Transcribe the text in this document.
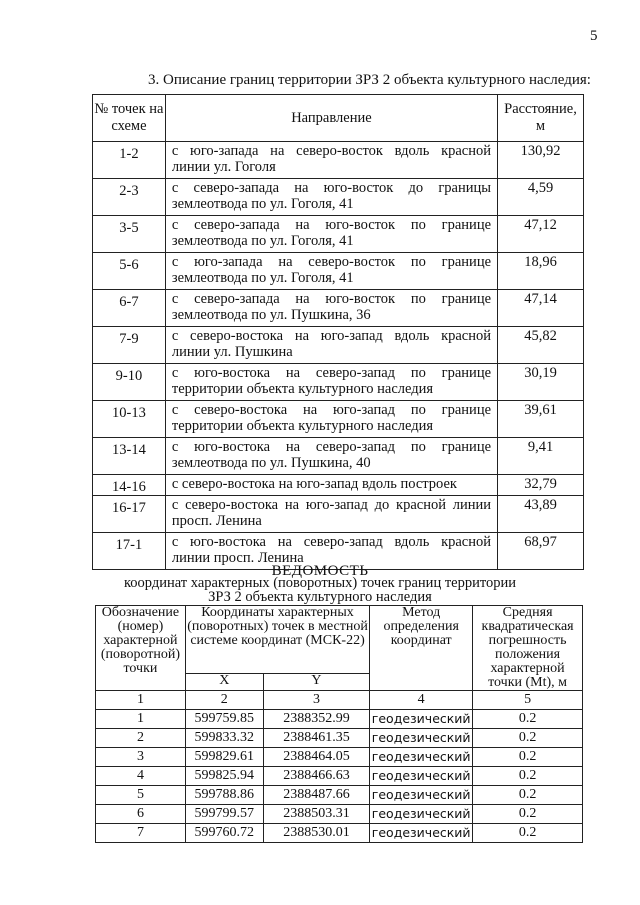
5
3. Описание границ территории ЗРЗ 2 объекта культурного наследия:
№ точек на схеме	Направление	Расстояние, м
1-2	с юго-запада на северо-восток вдоль красной линии ул. Гоголя	130,92
2-3	с северо-запада на юго-восток до границы землеотвода по ул. Гоголя, 41	4,59
3-5	с северо-запада на юго-восток по границе землеотвода по ул. Гоголя, 41	47,12
5-6	с юго-запада на северо-восток по границе землеотвода по ул. Гоголя, 41	18,96
6-7	с северо-запада на юго-восток по границе землеотвода по ул. Пушкина, 36	47,14
7-9	с северо-востока на юго-запад вдоль красной линии ул. Пушкина	45,82
9-10	с юго-востока на северо-запад по границе территории объекта культурного наследия	30,19
10-13	с северо-востока на юго-запад по границе территории объекта культурного наследия	39,61
13-14	с юго-востока на северо-запад по границе землеотвода по ул. Пушкина, 40	9,41
14-16	с северо-востока на юго-запад вдоль построек	32,79
16-17	с северо-востока на юго-запад до красной линии просп. Ленина	43,89
17-1	с юго-востока на северо-запад вдоль красной линии просп. Ленина	68,97
ВЕДОМОСТЬ
координат характерных (поворотных) точек границ территории
ЗРЗ 2 объекта культурного наследия
Обозначение (номер) характерной (поворотной) точки	Координаты характерных (поворотных) точек в местной системе координат (МСК-22)		Метод определения координат	Средняя квадратическая погрешность положения характерной точки (Mt), м
	X	Y		
1	2	3	4	5
1	599759.85	2388352.99	геодезический	0.2
2	599833.32	2388461.35	геодезический	0.2
3	599829.61	2388464.05	геодезический	0.2
4	599825.94	2388466.63	геодезический	0.2
5	599788.86	2388487.66	геодезический	0.2
6	599799.57	2388503.31	геодезический	0.2
7	599760.72	2388530.01	геодезический	0.2
